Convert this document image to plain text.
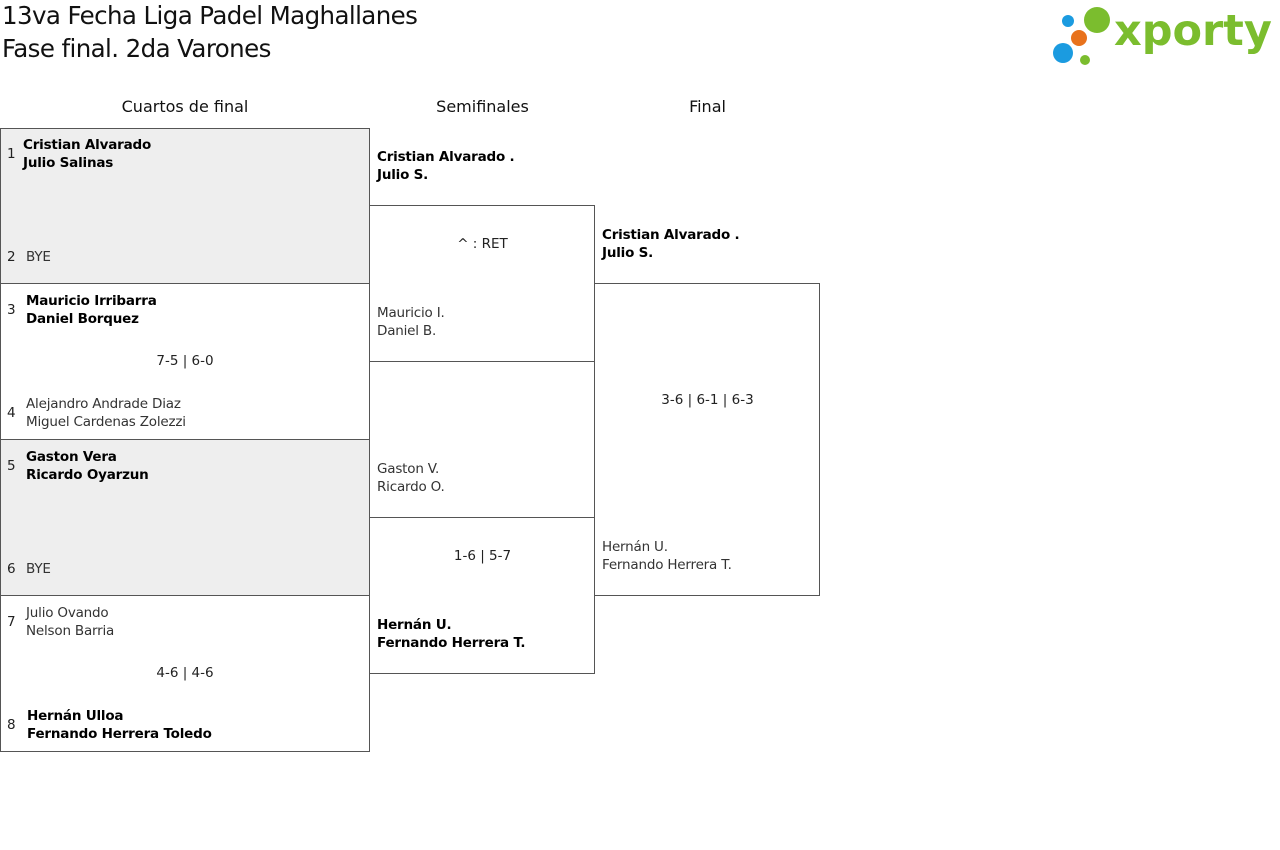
13va Fecha Liga Padel Maghallanes
Fase final. 2da Varones	xporty
Cuartos de final	Semifinales	Final
1
Cristian Alvarado
Julio Salinas
2 BYE
3
Mauricio Irribarra
Daniel Borquez
7-5 | 6-0
4
Alejandro Andrade Diaz
Miguel Cardenas Zolezzi
5
Gaston Vera
Ricardo Oyarzun
6 BYE
7
Julio Ovando
Nelson Barria
4-6 | 4-6
8
Hernán Ulloa
Fernando Herrera Toledo
Cristian Alvarado .
Julio S.
^ : RET
Mauricio I.
Daniel B.
Gaston V.
Ricardo O.
1-6 | 5-7
Hernán U.
Fernando Herrera T.
Cristian Alvarado .
Julio S.
3-6 | 6-1 | 6-3
Hernán U.
Fernando Herrera T.
